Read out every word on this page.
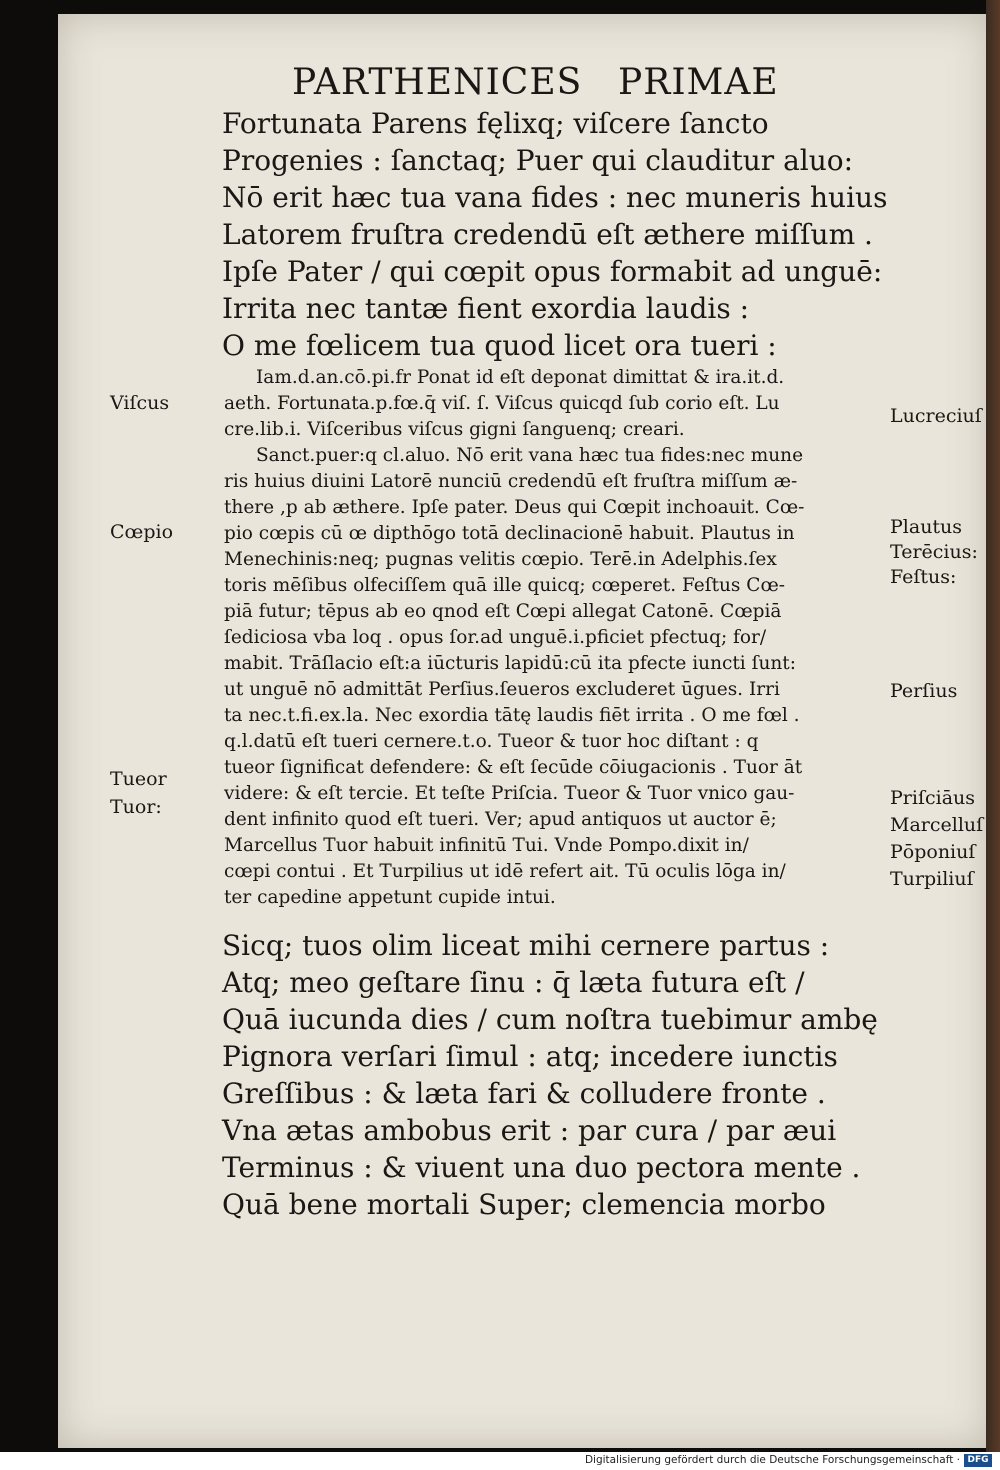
PARTHENICES PRIMAE
Fortunata Parens fęlixq; viſcere ſancto
Progenies : ſanctaq; Puer qui clauditur aluo:
Nō erit hæc tua vana fides : nec muneris huius
Latorem fruſtra credendū eſt æthere miſſum .
Ipſe Pater / qui cœpit opus formabit ad unguē:
Irrita nec tantæ fient exordia laudis :
O me fœlicem tua quod licet ora tueri :
Iam.d.an.cō.pi.fr Ponat id eſt deponat dimittat & ira.it.d.
aeth. Fortunata.p.fœ.q̄ viſ. ſ. Viſcus quicqd ſub corio eſt. Lu
cre.lib.i. Viſceribus viſcus gigni ſanguenq; creari.
Sanct.puer:q cl.aluo. Nō erit vana hæc tua fides:nec mune
ris huius diuini Latorē nunciū credendū eſt fruſtra miſſum æ-
there ,p ab æthere. Ipſe pater. Deus qui Cœpit inchoauit. Cœ-
pio cœpis cū œ dipthōgo totā declinacionē habuit. Plautus in
Menechinis:neq; pugnas velitis cœpio. Terē.in Adelphis.ſex
toris mēſibus olfeciſſem quā ille quicq; cœperet. Feſtus Cœ-
piā futur; tēpus ab eo qnod eſt Cœpi allegat Catonē. Cœpiā
ſediciosa vba loq . opus ſor.ad unguē.i.pficiet pfectuq; for/
mabit. Trāſlacio eſt:a iūcturis lapidū:cū ita pfecte iuncti ſunt:
ut unguē nō admittāt Perſius.ſeueros excluderet ūgues. Irri
ta nec.t.fi.ex.la. Nec exordia tātę laudis fiēt irrita . O me fœl .
q.l.datū eſt tueri cernere.t.o. Tueor & tuor hoc diſtant : q
tueor ſignificat defendere: & eſt ſecūde cōiugacionis . Tuor āt
videre: & eſt tercie. Et teſte Priſcia. Tueor & Tuor vnico gau-
dent infinito quod eſt tueri. Ver; apud antiquos ut auctor ē;
Marcellus Tuor habuit infinitū Tui. Vnde Pompo.dixit in/
cœpi contui . Et Turpilius ut idē refert ait. Tū oculis lōga in/
ter capedine appetunt cupide intui.
Sicq; tuos olim liceat mihi cernere partus :
Atq; meo geſtare ſinu : q̄ læta futura eſt /
Quā iucunda dies / cum noſtra tuebimur ambę
Pignora verſari ſimul : atq; incedere iunctis
Greſſibus : & læta fari & colludere fronte .
Vna ætas ambobus erit : par cura / par æui
Terminus : & viuent una duo pectora mente .
Quā bene mortali Super; clemencia morbo
Viſcus
Cœpio
Tueor
Tuor:
Lucreciuſ
Plautus
Terēcius:
Feſtus:
Perſius
Priſciāus
Marcelluſ
Pōponiuſ
Turpiliuſ
Digitalisierung gefördert durch die Deutsche Forschungsgemeinschaft · DFG
